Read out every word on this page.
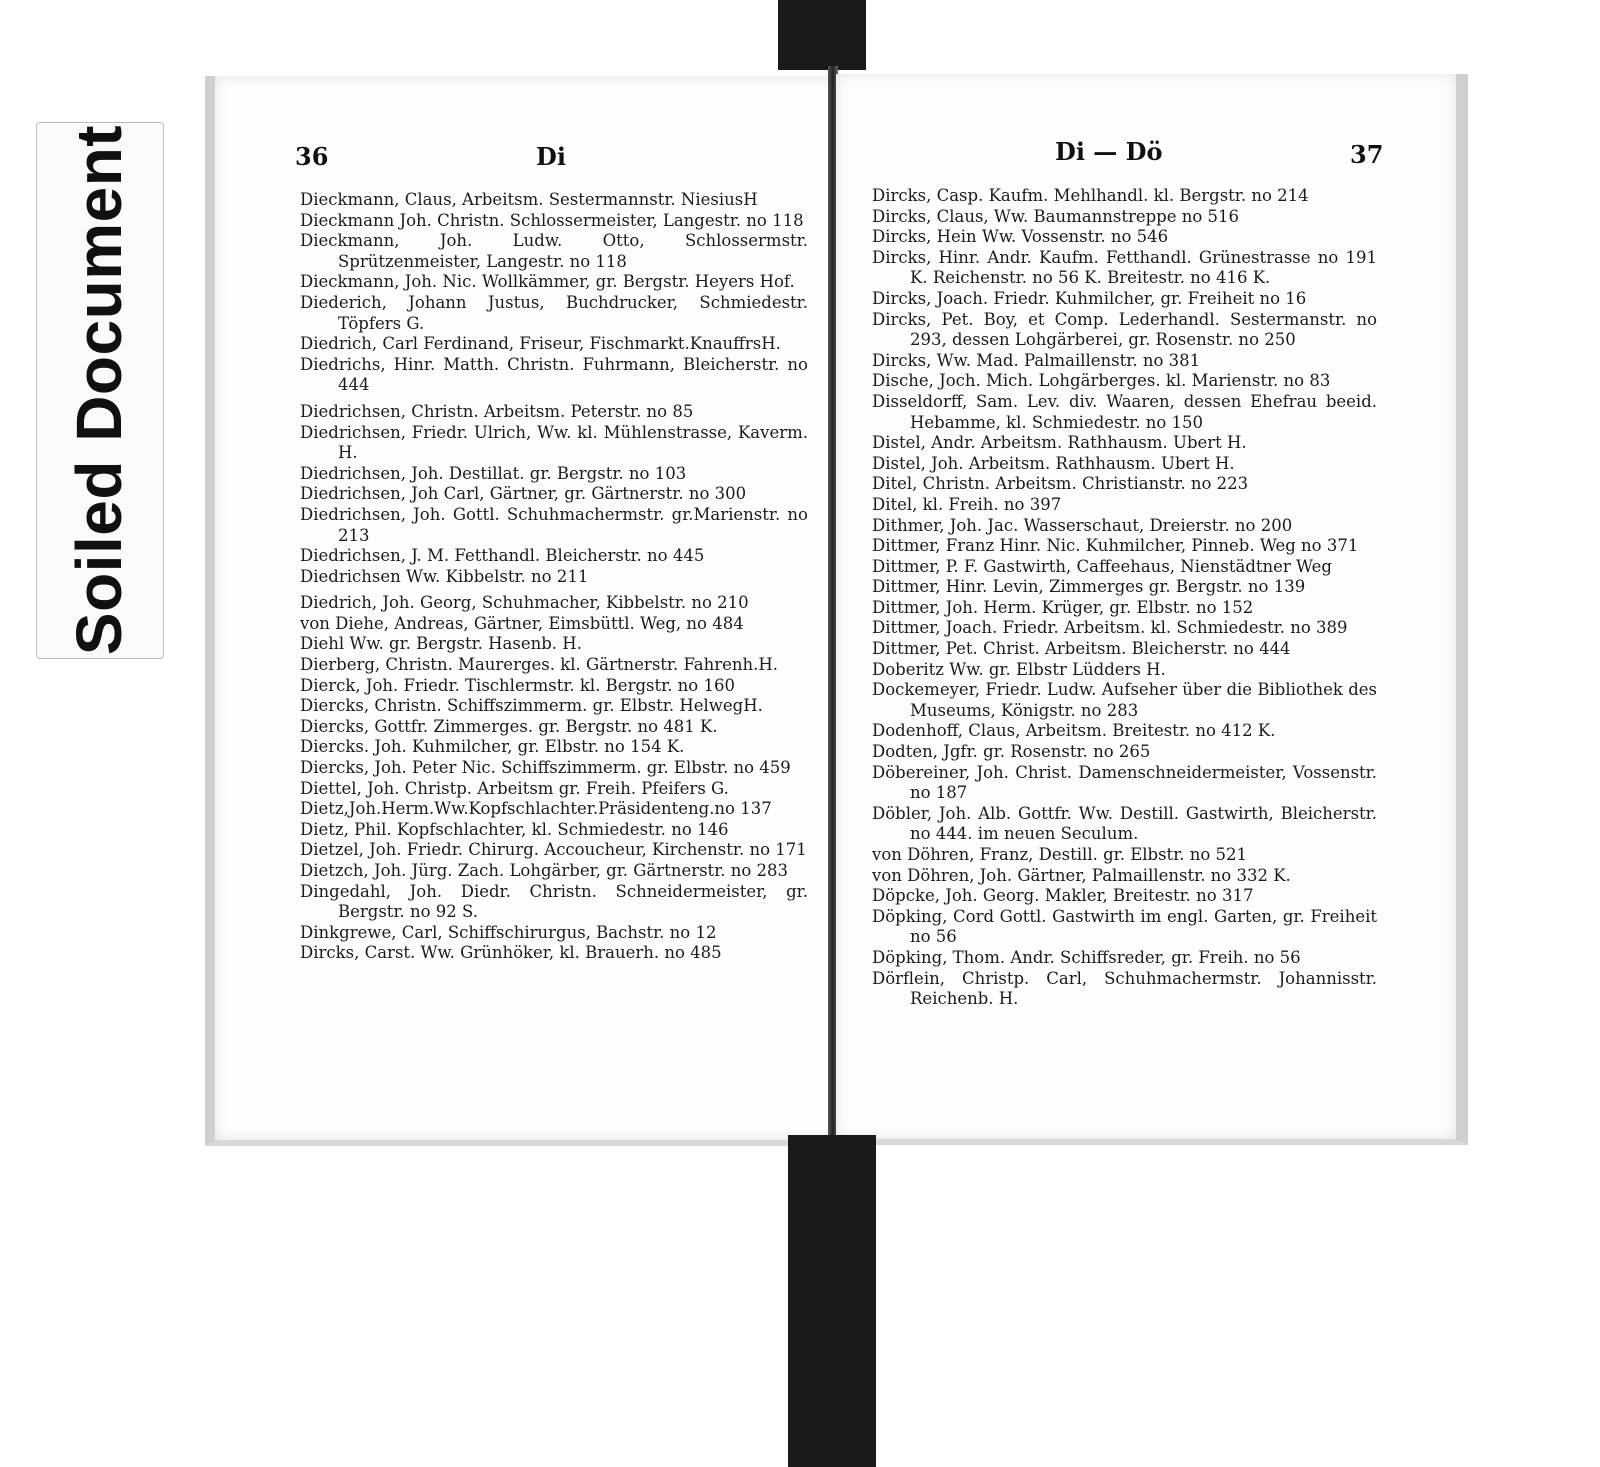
Soiled Document	36	Di	Di — Dö	37
Dieckmann, Claus, Arbeitsm. Sestermannstr. NiesiusH
Dieckmann Joh. Christn. Schlossermeister, Langestr. no 118
Dieckmann, Joh. Ludw. Otto, Schlossermstr. Sprützenmeister, Langestr. no 118
Dieckmann, Joh. Nic. Wollkämmer, gr. Bergstr. Heyers Hof.
Diederich, Johann Justus, Buchdrucker, Schmiedestr. Töpfers G.
Diedrich, Carl Ferdinand, Friseur, Fischmarkt.KnauffrsH.
Diedrichs, Hinr. Matth. Christn. Fuhrmann, Bleicherstr. no 444
Diedrichsen, Christn. Arbeitsm. Peterstr. no 85
Diedrichsen, Friedr. Ulrich, Ww. kl. Mühlenstrasse, Kaverm. H.
Diedrichsen, Joh. Destillat. gr. Bergstr. no 103
Diedrichsen, Joh Carl, Gärtner, gr. Gärtnerstr. no 300
Diedrichsen, Joh. Gottl. Schuhmachermstr. gr.Marienstr. no 213
Diedrichsen, J. M. Fetthandl. Bleicherstr. no 445
Diedrichsen Ww. Kibbelstr. no 211
Diedrich, Joh. Georg, Schuhmacher, Kibbelstr. no 210
von Diehe, Andreas, Gärtner, Eimsbüttl. Weg, no 484
Diehl Ww. gr. Bergstr. Hasenb. H.
Dierberg, Christn. Maurerges. kl. Gärtnerstr. Fahrenh.H.
Dierck, Joh. Friedr. Tischlermstr. kl. Bergstr. no 160
Diercks, Christn. Schiffszimmerm. gr. Elbstr. HelwegH.
Diercks, Gottfr. Zimmerges. gr. Bergstr. no 481 K.
Diercks. Joh. Kuhmilcher, gr. Elbstr. no 154 K.
Diercks, Joh. Peter Nic. Schiffszimmerm. gr. Elbstr. no 459
Diettel, Joh. Christp. Arbeitsm gr. Freih. Pfeifers G.
Dietz,Joh.Herm.Ww.Kopfschlachter.Präsidenteng.no 137
Dietz, Phil. Kopfschlachter, kl. Schmiedestr. no 146
Dietzel, Joh. Friedr. Chirurg. Accoucheur, Kirchenstr. no 171
Dietzch, Joh. Jürg. Zach. Lohgärber, gr. Gärtnerstr. no 283
Dingedahl, Joh. Diedr. Christn. Schneidermeister, gr. Bergstr. no 92 S.
Dinkgrewe, Carl, Schiffschirurgus, Bachstr. no 12
Dircks, Carst. Ww. Grünhöker, kl. Brauerh. no 485
Dircks, Casp. Kaufm. Mehlhandl. kl. Bergstr. no 214
Dircks, Claus, Ww. Baumannstreppe no 516
Dircks, Hein Ww. Vossenstr. no 546
Dircks, Hinr. Andr. Kaufm. Fetthandl. Grünestrasse no 191 K. Reichenstr. no 56 K. Breitestr. no 416 K.
Dircks, Joach. Friedr. Kuhmilcher, gr. Freiheit no 16
Dircks, Pet. Boy, et Comp. Lederhandl. Sestermanstr. no 293, dessen Lohgärberei, gr. Rosenstr. no 250
Dircks, Ww. Mad. Palmaillenstr. no 381
Dische, Joch. Mich. Lohgärberges. kl. Marienstr. no 83
Disseldorff, Sam. Lev. div. Waaren, dessen Ehefrau beeid. Hebamme, kl. Schmiedestr. no 150
Distel, Andr. Arbeitsm. Rathhausm. Ubert H.
Distel, Joh. Arbeitsm. Rathhausm. Ubert H.
Ditel, Christn. Arbeitsm. Christianstr. no 223
Ditel, kl. Freih. no 397
Dithmer, Joh. Jac. Wasserschaut, Dreierstr. no 200
Dittmer, Franz Hinr. Nic. Kuhmilcher, Pinneb. Weg no 371
Dittmer, P. F. Gastwirth, Caffeehaus, Nienstädtner Weg
Dittmer, Hinr. Levin, Zimmerges gr. Bergstr. no 139
Dittmer, Joh. Herm. Krüger, gr. Elbstr. no 152
Dittmer, Joach. Friedr. Arbeitsm. kl. Schmiedestr. no 389
Dittmer, Pet. Christ. Arbeitsm. Bleicherstr. no 444
Doberitz Ww. gr. Elbstr Lüdders H.
Dockemeyer, Friedr. Ludw. Aufseher über die Bibliothek des Museums, Königstr. no 283
Dodenhoff, Claus, Arbeitsm. Breitestr. no 412 K.
Dodten, Jgfr. gr. Rosenstr. no 265
Döbereiner, Joh. Christ. Damenschneidermeister, Vossenstr. no 187
Döbler, Joh. Alb. Gottfr. Ww. Destill. Gastwirth, Bleicherstr. no 444. im neuen Seculum.
von Döhren, Franz, Destill. gr. Elbstr. no 521
von Döhren, Joh. Gärtner, Palmaillenstr. no 332 K.
Döpcke, Joh. Georg. Makler, Breitestr. no 317
Döpking, Cord Gottl. Gastwirth im engl. Garten, gr. Freiheit no 56
Döpking, Thom. Andr. Schiffsreder, gr. Freih. no 56
Dörflein, Christp. Carl, Schuhmachermstr. Johannisstr. Reichenb. H.
